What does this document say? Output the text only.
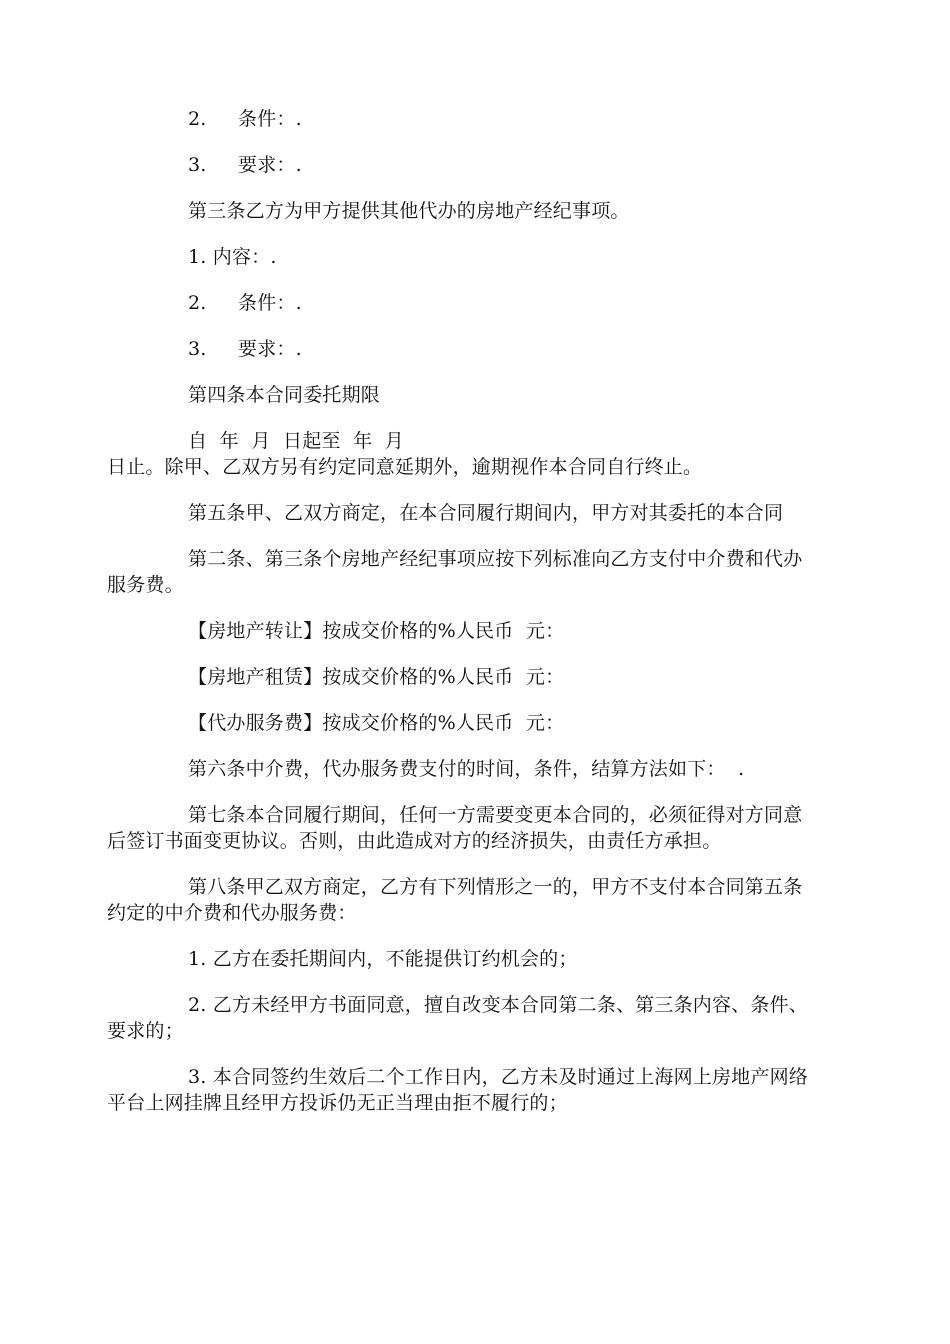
2. 条件：.
3. 要求：.
第三条乙方为甲方提供其他代办的房地产经纪事项。
1. 内容：.
2. 条件：.
3. 要求：.
第四条本合同委托期限
自  年  月  日起至  年  月
日止。除甲、乙双方另有约定同意延期外，逾期视作本合同自行终止。
第五条甲、乙双方商定，在本合同履行期间内，甲方对其委托的本合同
第二条、第三条个房地产经纪事项应按下列标准向乙方支付中介费和代办
服务费。
【房地产转让】按成交价格的%人民币  元：
【房地产租赁】按成交价格的%人民币  元：
【代办服务费】按成交价格的%人民币  元：
第六条中介费，代办服务费支付的时间，条件，结算方法如下：  .
第七条本合同履行期间，任何一方需要变更本合同的，必须征得对方同意
后签订书面变更协议。否则，由此造成对方的经济损失，由责任方承担。
第八条甲乙双方商定，乙方有下列情形之一的，甲方不支付本合同第五条
约定的中介费和代办服务费：
1. 乙方在委托期间内，不能提供订约机会的；
2. 乙方未经甲方书面同意，擅自改变本合同第二条、第三条内容、条件、
要求的；
3. 本合同签约生效后二个工作日内，乙方未及时通过上海网上房地产网络
平台上网挂牌且经甲方投诉仍无正当理由拒不履行的；
